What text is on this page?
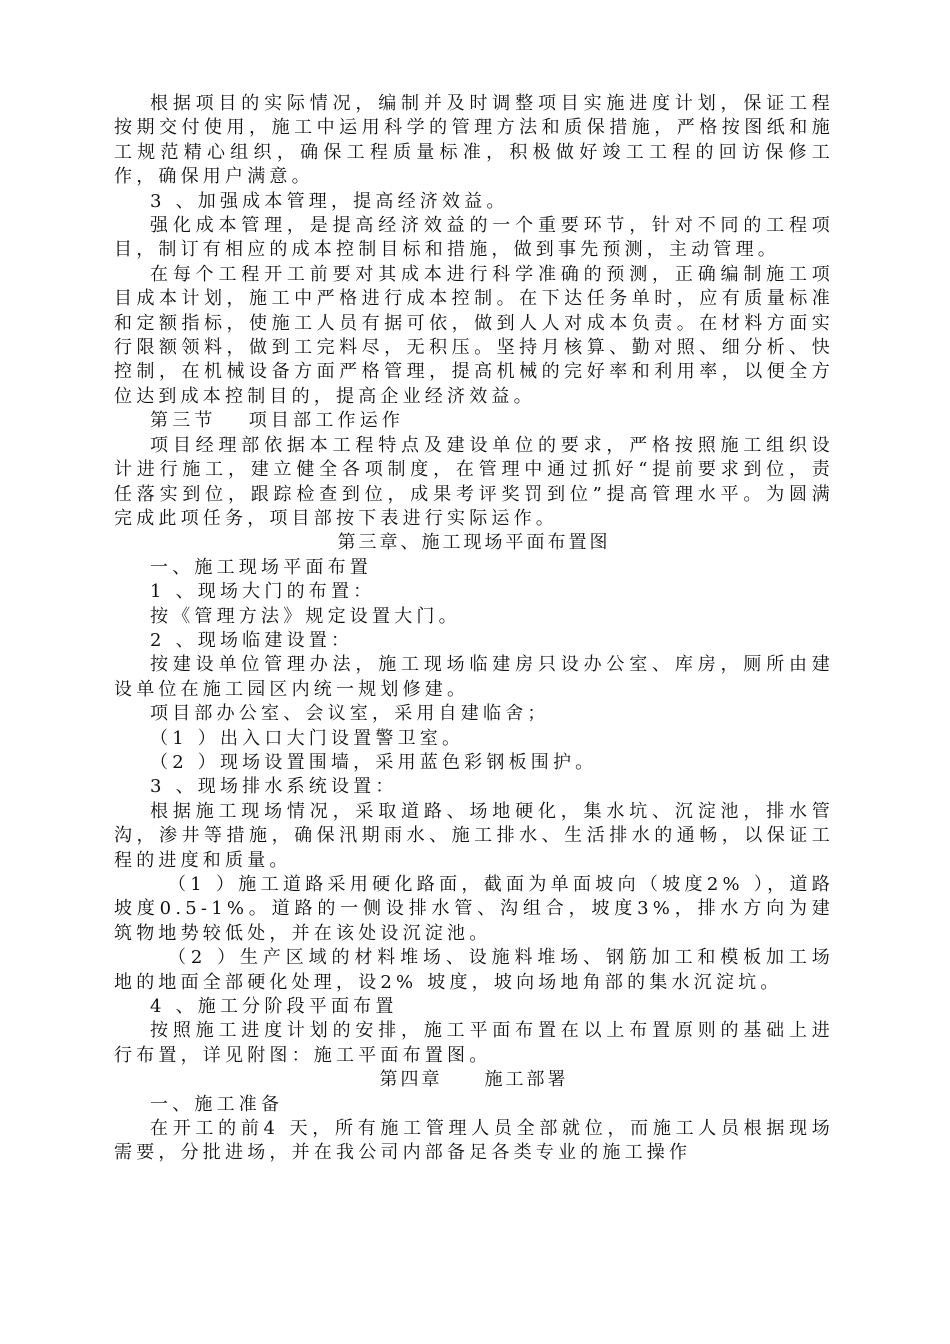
根据项目的实际情况，编制并及时调整项目实施进度计划，保证工程按期交付使用，施工中运用科学的管理方法和质保措施，严格按图纸和施工规范精心组织，确保工程质量标准，积极做好竣工工程的回访保修工作，确保用户满意。

3 、加强成本管理，提高经济效益。

强化成本管理，是提高经济效益的一个重要环节，针对不同的工程项目，制订有相应的成本控制目标和措施，做到事先预测，主动管理。

在每个工程开工前要对其成本进行科学准确的预测，正确编制施工项目成本计划，施工中严格进行成本控制。在下达任务单时，应有质量标准和定额指标，使施工人员有据可依，做到人人对成本负责。在材料方面实行限额领料，做到工完料尽，无积压。坚持月核算、勤对照、细分析、快控制，在机械设备方面严格管理，提高机械的完好率和利用率，以便全方位达到成本控制目的，提高企业经济效益。

第三节　 项目部工作运作

项目经理部依据本工程特点及建设单位的要求，严格按照施工组织设计进行施工，建立健全各项制度，在管理中通过抓好“提前要求到位，责任落实到位，跟踪检查到位，成果考评奖罚到位”提高管理水平。为圆满完成此项任务，项目部按下表进行实际运作。

第三章、施工现场平面布置图

一、施工现场平面布置

1 、现场大门的布置：

按《管理方法》规定设置大门。

2 、现场临建设置：

按建设单位管理办法，施工现场临建房只设办公室、库房，厕所由建设单位在施工园区内统一规划修建。

项目部办公室、会议室，采用自建临舍；

（1 ）出入口大门设置警卫室。

（2 ）现场设置围墙，采用蓝色彩钢板围护。

3 、现场排水系统设置：

根据施工现场情况，采取道路、场地硬化，集水坑、沉淀池，排水管沟，渗井等措施，确保汛期雨水、施工排水、生活排水的通畅，以保证工程的进度和质量。

（1 ）施工道路采用硬化路面，截面为单面坡向（坡度2% ），道路坡度0.5-1%。道路的一侧设排水管、沟组合，坡度3%，排水方向为建筑物地势较低处，并在该处设沉淀池。

（2 ）生产区域的材料堆场、设施料堆场、钢筋加工和模板加工场地的地面全部硬化处理，设2% 坡度，坡向场地角部的集水沉淀坑。

4 、施工分阶段平面布置

按照施工进度计划的安排，施工平面布置在以上布置原则的基础上进行布置，详见附图：施工平面布置图。

第四章　　施工部署

一、施工准备

在开工的前4 天，所有施工管理人员全部就位，而施工人员根据现场需要，分批进场，并在我公司内部备足各类专业的施工操作
